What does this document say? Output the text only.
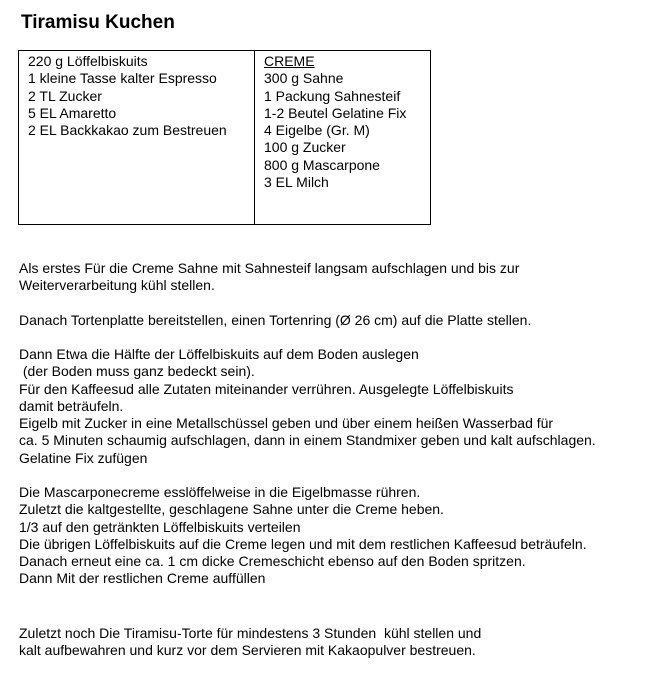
Tiramisu Kuchen
220 g Löffelbiskuits
1 kleine Tasse kalter Espresso
2 TL Zucker
5 EL Amaretto
2 EL Backkakao zum Bestreuen
CREME
300 g Sahne
1 Packung Sahnesteif
1-2 Beutel Gelatine Fix
4 Eigelbe (Gr. M)
100 g Zucker
800 g Mascarpone
3 EL Milch
Als erstes Für die Creme Sahne mit Sahnesteif langsam aufschlagen und bis zur
Weiterverarbeitung kühl stellen.
Danach Tortenplatte bereitstellen, einen Tortenring (Ø 26 cm) auf die Platte stellen.
Dann Etwa die Hälfte der Löffelbiskuits auf dem Boden auslegen
(der Boden muss ganz bedeckt sein).
Für den Kaffeesud alle Zutaten miteinander verrühren. Ausgelegte Löffelbiskuits
damit beträufeln.
Eigelb mit Zucker in eine Metallschüssel geben und über einem heißen Wasserbad für
ca. 5 Minuten schaumig aufschlagen, dann in einem Standmixer geben und kalt aufschlagen.
Gelatine Fix zufügen
Die Mascarponecreme esslöffelweise in die Eigelbmasse rühren.
Zuletzt die kaltgestellte, geschlagene Sahne unter die Creme heben.
1/3 auf den getränkten Löffelbiskuits verteilen
Die übrigen Löffelbiskuits auf die Creme legen und mit dem restlichen Kaffeesud beträufeln.
Danach erneut eine ca. 1 cm dicke Cremeschicht ebenso auf den Boden spritzen.
Dann Mit der restlichen Creme auffüllen
Zuletzt noch Die Tiramisu-Torte für mindestens 3 Stunden  kühl stellen und
kalt aufbewahren und kurz vor dem Servieren mit Kakaopulver bestreuen.
